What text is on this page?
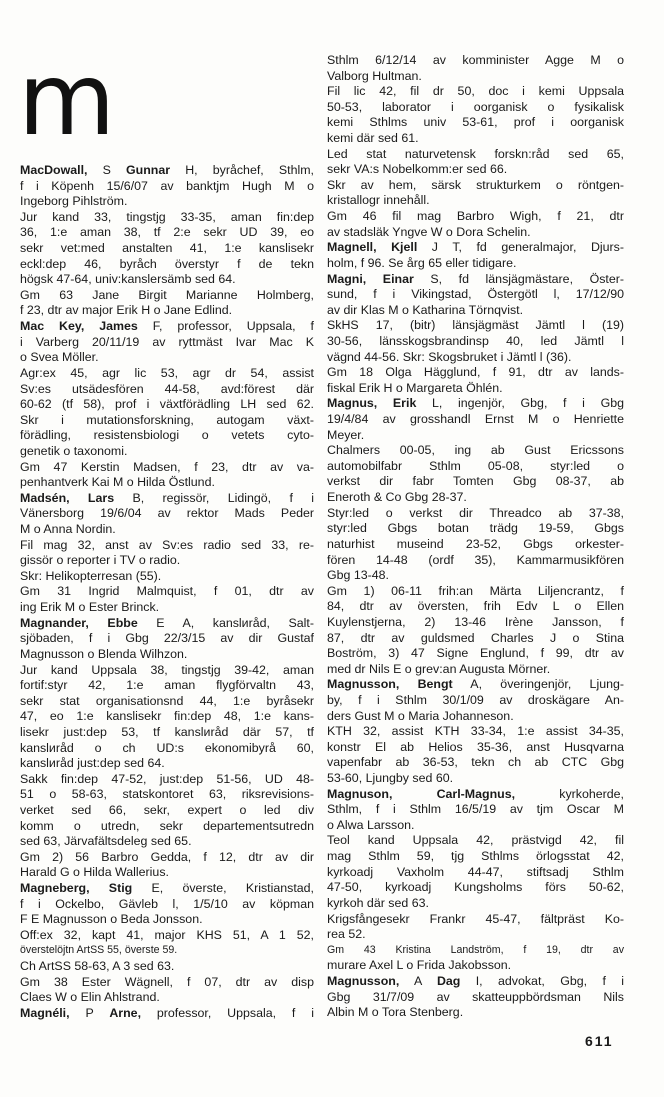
m
MacDowall, S Gunnar H, byråchef, Sthlm,
f i Köpenh 15/6/07 av banktjm Hugh M o
Ingeborg Pihlström.
Jur kand 33, tingstjg 33-35, aman fin:dep
36, 1:e aman 38, tf 2:e sekr UD 39, eo
sekr vet:med anstalten 41, 1:e kanslisekr
eckl:dep 46, byråch överstyr f de tekn
högsk 47-64, univ:kanslersämb sed 64.
Gm 63 Jane Birgit Marianne Holmberg,
f 23, dtr av major Erik H o Jane Edlind.
Mac Key, James F, professor, Uppsala, f
i Varberg 20/11/19 av ryttmäst Ivar Mac K
o Svea Möller.
Agr:ex 45, agr lic 53, agr dr 54, assist
Sv:es utsädesfören 44-58, avd:förest där
60-62 (tf 58), prof i växtförädling LH sed 62.
Skr i mutationsforskning, autogam växt-
förädling, resistensbiologi o vetets cyto-
genetik o taxonomi.
Gm 47 Kerstin Madsen, f 23, dtr av va-
penhantverk Kai M o Hilda Östlund.
Madsén, Lars B, regissör, Lidingö, f i
Vänersborg 19/6/04 av rektor Mads Peder
M o Anna Nordin.
Fil mag 32, anst av Sv:es radio sed 33, re-
gissör o reporter i TV o radio.
Skr: Helikopterresan (55).
Gm 31 Ingrid Malmquist, f 01, dtr av
ing Erik M o Ester Brinck.
Magnander, Ebbe E A, kanslиråd, Salt-
sjöbaden, f i Gbg 22/3/15 av dir Gustaf
Magnusson o Blenda Wilhzon.
Jur kand Uppsala 38, tingstjg 39-42, aman
fortif:styr 42, 1:e aman flygförvaltn 43,
sekr stat organisationsnd 44, 1:e byråsekr
47, eo 1:e kanslisekr fin:dep 48, 1:e kans-
lisekr just:dep 53, tf kanslиråd där 57, tf
kanslиråd o ch UD:s ekonomibyrå 60,
kanslиråd just:dep sed 64.
Sakk fin:dep 47-52, just:dep 51-56, UD 48-
51 o 58-63, statskontoret 63, riksrevisions-
verket sed 66, sekr, expert o led div
komm o utredn, sekr departementsutredn
sed 63, Järvafältsdeleg sed 65.
Gm 2) 56 Barbro Gedda, f 12, dtr av dir
Harald G o Hilda Wallerius.
Magneberg, Stig E, överste, Kristianstad,
f i Ockelbo, Gävleb l, 1/5/10 av köpman
F E Magnusson o Beda Jonsson.
Off:ex 32, kapt 41, major KHS 51, A 1 52,
överstelöjtn ArtSS 55, överste 59.
Ch ArtSS 58-63, A 3 sed 63.
Gm 38 Ester Wägnell, f 07, dtr av disp
Claes W o Elin Ahlstrand.
Magnéli, P Arne, professor, Uppsala, f i
Sthlm 6/12/14 av komminister Agge M o
Valborg Hultman.
Fil lic 42, fil dr 50, doc i kemi Uppsala
50-53, laborator i oorganisk o fysikalisk
kemi Sthlms univ 53-61, prof i oorganisk
kemi där sed 61.
Led stat naturvetensk forskn:råd sed 65,
sekr VA:s Nobelkomm:er sed 66.
Skr av hem, särsk strukturkem o röntgen-
kristallogr innehåll.
Gm 46 fil mag Barbro Wigh, f 21, dtr
av stadsläk Yngve W o Dora Schelin.
Magnell, Kjell J T, fd generalmajor, Djurs-
holm, f 96. Se årg 65 eller tidigare.
Magni, Einar S, fd länsjägmästare, Öster-
sund, f i Vikingstad, Östergötl l, 17/12/90
av dir Klas M o Katharina Törnqvist.
SkHS 17, (bitr) länsjägmäst Jämtl l (19)
30-56, länsskogsbrandinsp 40, led Jämtl l
vägnd 44-56. Skr: Skogsbruket i Jämtl l (36).
Gm 18 Olga Hägglund, f 91, dtr av lands-
fiskal Erik H o Margareta Öhlén.
Magnus, Erik L, ingenjör, Gbg, f i Gbg
19/4/84 av grosshandl Ernst M o Henriette
Meyer.
Chalmers 00-05, ing ab Gust Ericssons
automobilfabr Sthlm 05-08, styr:led o
verkst dir fabr Tomten Gbg 08-37, ab
Eneroth & Co Gbg 28-37.
Styr:led o verkst dir Threadco ab 37-38,
styr:led Gbgs botan trädg 19-59, Gbgs
naturhist museind 23-52, Gbgs orkester-
fören 14-48 (ordf 35), Kammarmusikfören
Gbg 13-48.
Gm 1) 06-11 frih:an Märta Liljencrantz, f
84, dtr av översten, frih Edv L o Ellen
Kuylenstjerna, 2) 13-46 Irène Jansson, f
87, dtr av guldsmed Charles J o Stina
Boström, 3) 47 Signe Englund, f 99, dtr av
med dr Nils E o grev:an Augusta Mörner.
Magnusson, Bengt A, överingenjör, Ljung-
by, f i Sthlm 30/1/09 av droskägare An-
ders Gust M o Maria Johanneson.
KTH 32, assist KTH 33-34, 1:e assist 34-35,
konstr El ab Helios 35-36, anst Husqvarna
vapenfabr ab 36-53, tekn ch ab CTC Gbg
53-60, Ljungby sed 60.
Magnuson,	Carl-Magnus, kyrkoherde,
Sthlm, f i Sthlm 16/5/19 av tjm Oscar M
o Alwa Larsson.
Teol kand Uppsala 42, prästvigd 42, fil
mag Sthlm 59, tjg Sthlms örlogsstat 42,
kyrkoadj Vaxholm 44-47, stiftsadj Sthlm
47-50, kyrkoadj Kungsholms förs 50-62,
kyrkoh där sed 63.
Krigsfångesekr Frankr 45-47, fältpräst Ko-
rea 52.
Gm 43 Kristina Landström, f 19, dtr av
murare Axel L o Frida Jakobsson.
Magnusson, A Dag I, advokat, Gbg, f i
Gbg 31/7/09 av skatteuppbördsman Nils
Albin M o Tora Stenberg.
611
